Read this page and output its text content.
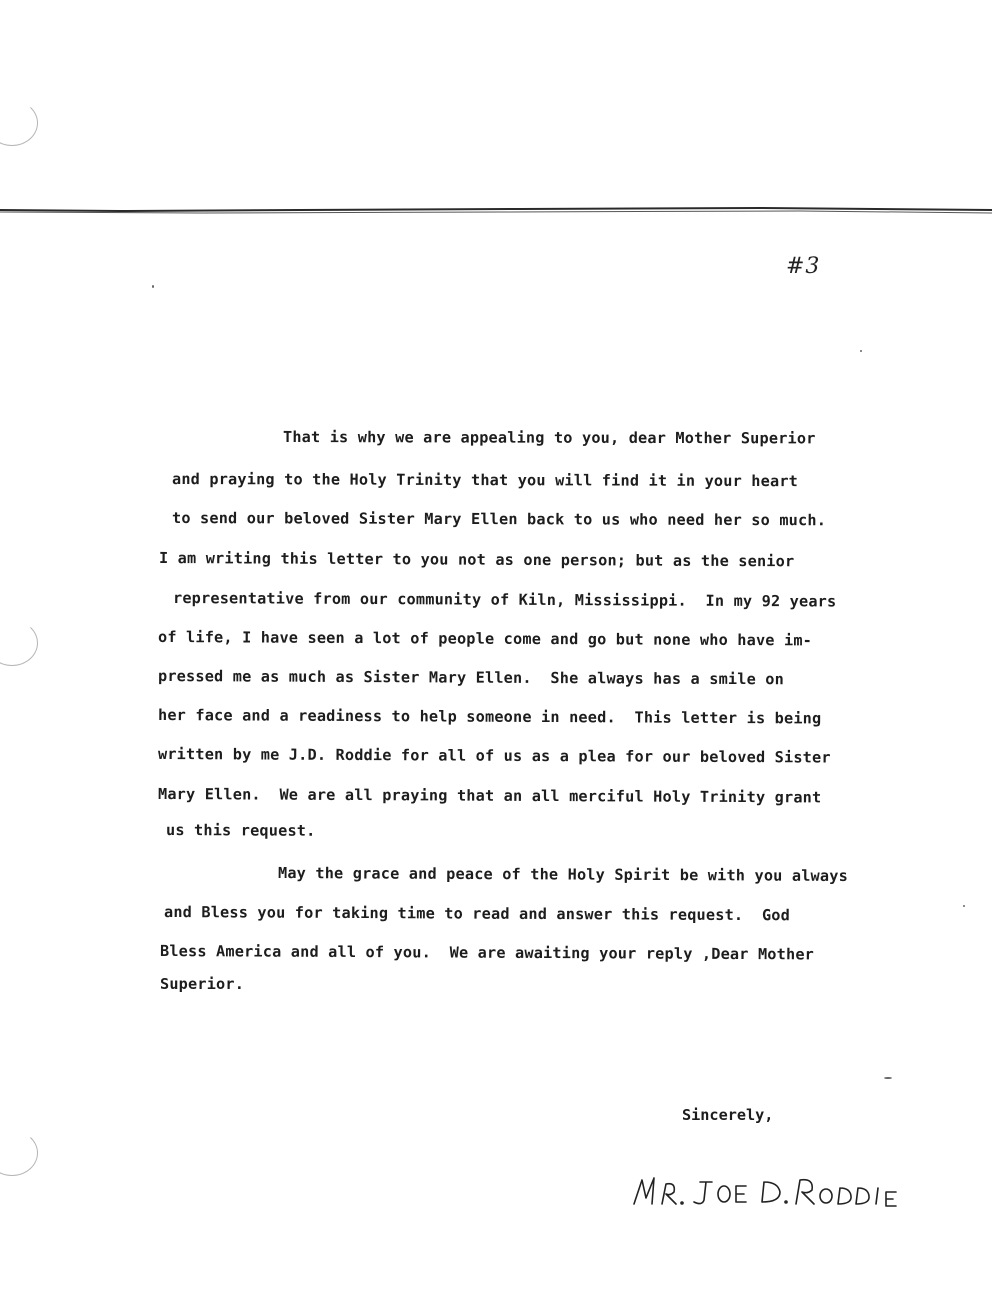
#3
That is why we are appealing to you, dear Mother Superior
and praying to the Holy Trinity that you will find it in your heart
to send our beloved Sister Mary Ellen back to us who need her so much.
I am writing this letter to you not as one person; but as the senior
representative from our community of Kiln, Mississippi.  In my 92 years
of life, I have seen a lot of people come and go but none who have im-
pressed me as much as Sister Mary Ellen.  She always has a smile on
her face and a readiness to help someone in need.  This letter is being
written by me J.D. Roddie for all of us as a plea for our beloved Sister
Mary Ellen.  We are all praying that an all merciful Holy Trinity grant
us this request.
May the grace and peace of the Holy Spirit be with you always
and Bless you for taking time to read and answer this request.  God
Bless America and all of you.  We are awaiting your reply ,Dear Mother
Superior.
Sincerely,
